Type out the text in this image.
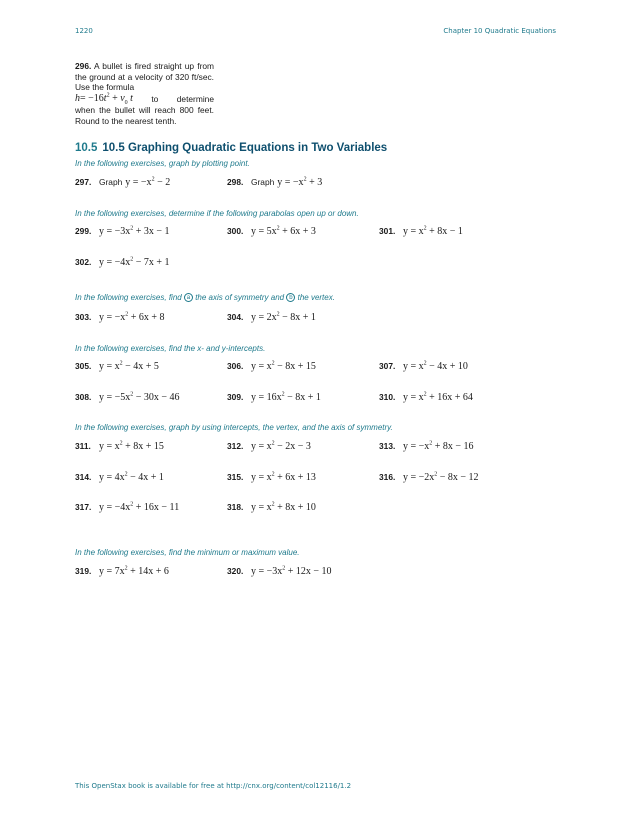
1220	Chapter 10 Quadratic Equations
296. A bullet is fired straight up from the ground at a velocity of 320 ft/sec. Use the formula
$h= -16t^2 + v_0$ t to determine
when the bullet will reach 800 feet. Round to the nearest tenth.
10.5 10.5 Graphing Quadratic Equations in Two Variables
In the following exercises, graph by plotting point.
297. Graph $y = -x^2 - 2$	298. Graph $y = -x^2 + 3$
In the following exercises, determine if the following parabolas open up or down.
299. $y = -3x^2 + 3x - 1$	300. $y = 5x^2 + 6x + 3$	301. $y = x^2 + 8x - 1$
302. $y = -4x^2 - 7x + 1$
In the following exercises, find a the axis of symmetry and b the vertex.
303. $y = -x^2 + 6x + 8$	304. $y = 2x^2 - 8x + 1$
In the following exercises, find the x- and y-intercepts.
305. $y = x^2 - 4x + 5$	306. $y = x^2 - 8x + 15$	307. $y = x^2 - 4x + 10$
308. $y = -5x^2 - 30x - 46$	309. $y = 16x^2 - 8x + 1$	310. $y = x^2 + 16x + 64$
In the following exercises, graph by using intercepts, the vertex, and the axis of symmetry.
311. $y = x^2 + 8x + 15$	312. $y = x^2 - 2x - 3$	313. $y = -x^2 + 8x - 16$
314. $y = 4x^2 - 4x + 1$	315. $y = x^2 + 6x + 13$	316. $y = -2x^2 - 8x - 12$
317. $y = -4x^2 + 16x - 11$	318. $y = x^2 + 8x + 10$
In the following exercises, find the minimum or maximum value.
319. $y = 7x^2 + 14x + 6$	320. $y = -3x^2 + 12x - 10$
This OpenStax book is available for free at http://cnx.org/content/col12116/1.2
